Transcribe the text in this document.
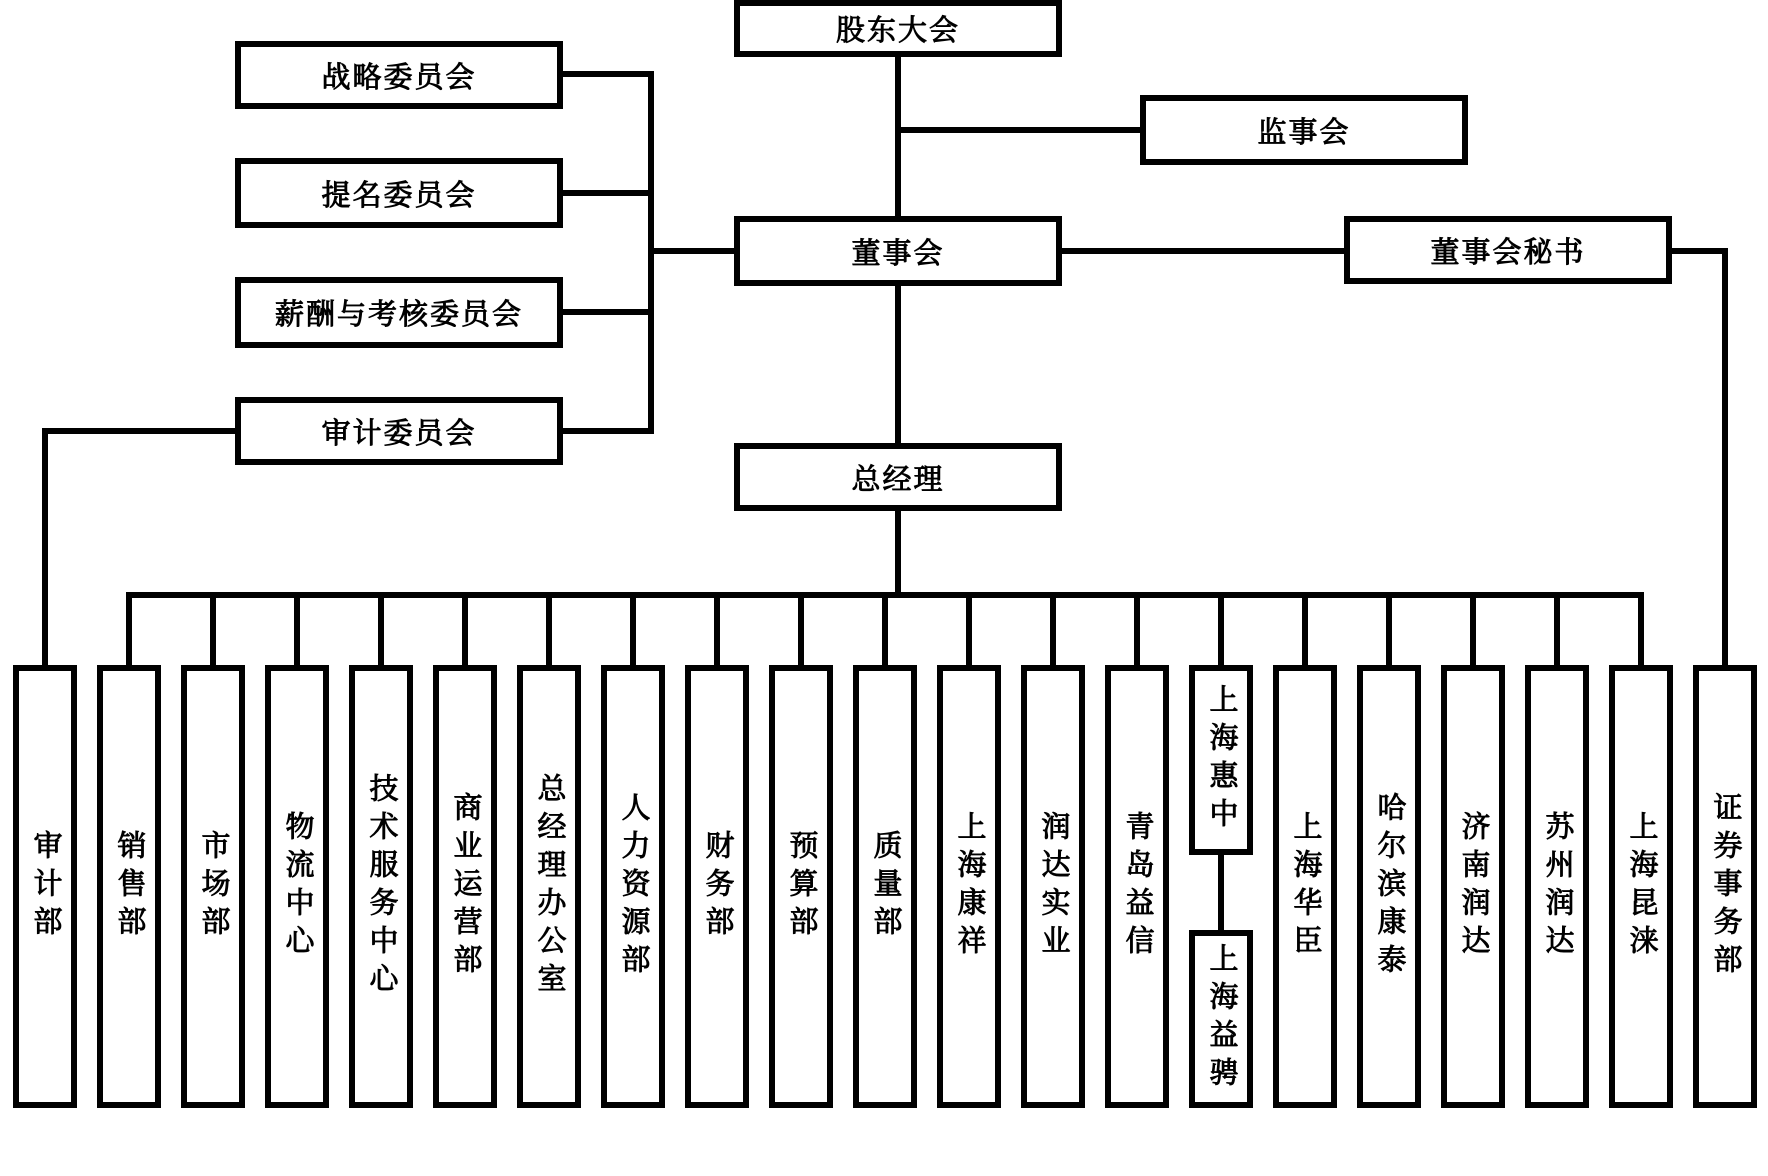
股东大会
监事会
董事会	董事会秘书
总经理
战略委员会
提名委员会
薪酬与考核委员会
审计委员会
审计部 销售部 市场部 物流中心 技术服务中心 商业运营部 总经理办公室 人力资源部 财务部 预算部 质量部 上海康祥 润达实业 青岛益信
上海惠中
上海益骋
上海华臣 哈尔滨康泰 济南润达 苏州润达 上海昆涞 证券事务部
